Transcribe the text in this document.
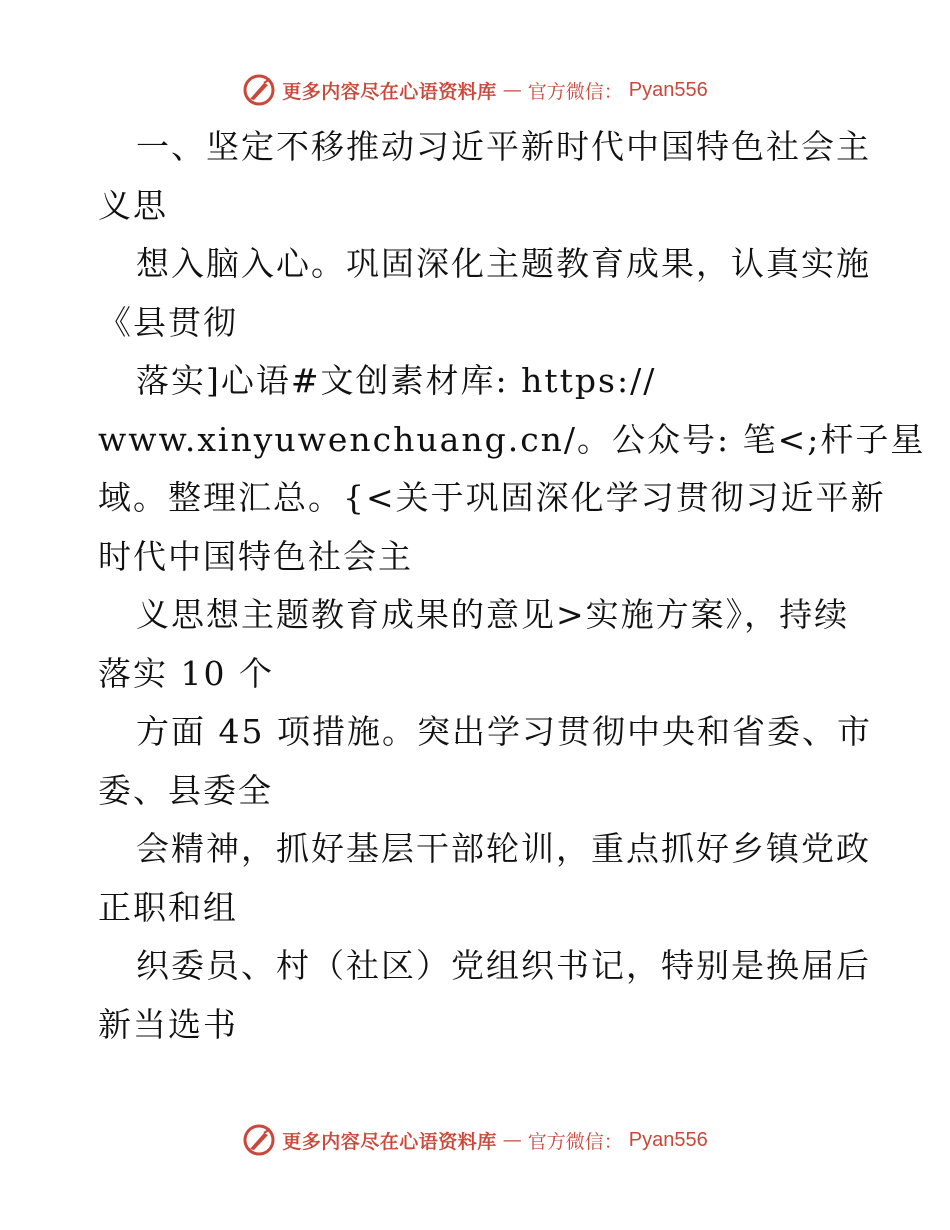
更多内容尽在心语资料库 — 官方微信： Pyan556
一、坚定不移推动习近平新时代中国特色社会主
义思
想入脑入心。巩固深化主题教育成果，认真实施
《县贯彻
落实]心语#文创素材库: https://
www.xinyuwenchuang.cn/。公众号: 笔<;杆子星
域。整理汇总。{<关于巩固深化学习贯彻习近平新
时代中国特色社会主
义思想主题教育成果的意见>实施方案》，持续
落实 10 个
方面 45 项措施。突出学习贯彻中央和省委、市
委、县委全
会精神，抓好基层干部轮训，重点抓好乡镇党政
正职和组
织委员、村（社区）党组织书记，特别是换届后
新当选书
更多内容尽在心语资料库 — 官方微信： Pyan556
